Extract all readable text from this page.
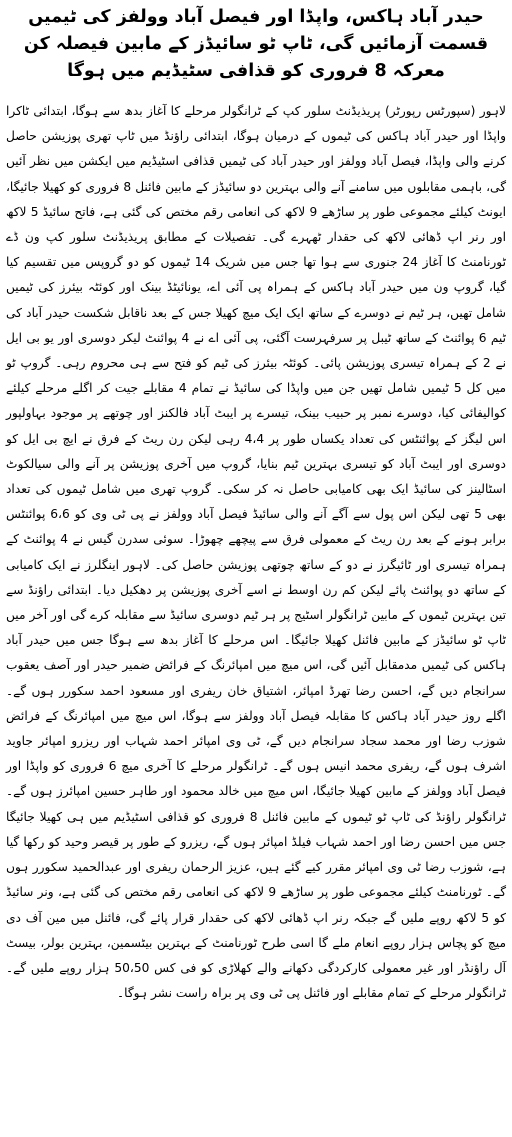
حیدر آباد ہاکس، واپڈا اور فیصل آباد وولفز کی ٹیمیں قسمت آزمائیں گی، ٹاپ ٹو سائیڈز کے مابین فیصلہ کن معرکہ 8 فروری کو قذافی سٹیڈیم میں ہوگا

لاہور (سپورٹس رپورٹر) پریذیڈنٹ سلور کپ کے ٹرانگولر مرحلے کا آغاز بدھ سے ہوگا، ابتدائی ٹاکرا واپڈا اور حیدر آباد ہاکس کی ٹیموں کے درمیان ہوگا، ابتدائی راؤنڈ میں ٹاپ تھری پوزیشن حاصل کرنے والی واپڈا، فیصل آباد وولفز اور حیدر آباد کی ٹیمیں قذافی اسٹیڈیم میں ایکشن میں نظر آئیں گی، باہمی مقابلوں میں سامنے آنے والی بہترین دو سائیڈز کے مابین فائنل 8 فروری کو کھیلا جائیگا، ایونٹ کیلئے مجموعی طور پر ساڑھے 9 لاکھ کی انعامی رقم مختص کی گئی ہے، فاتح سائیڈ 5 لاکھ اور رنر اپ ڈھائی لاکھ کی حقدار ٹھہرے گی۔ تفصیلات کے مطابق پریذیڈنٹ سلور کپ ون ڈے ٹورنامنٹ کا آغاز 24 جنوری سے ہوا تھا جس میں شریک 14 ٹیموں کو دو گروپس میں تقسیم کیا گیا، گروپ ون میں حیدر آباد ہاکس کے ہمراہ پی آئی اے، یونائیٹڈ بینک اور کوئٹہ بیئرز کی ٹیمیں شامل تھیں، ہر ٹیم نے دوسرے کے ساتھ ایک ایک میچ کھیلا جس کے بعد ناقابل شکست حیدر آباد کی ٹیم 6 پوائنٹ کے ساتھ ٹیبل پر سرفہرست آگئی، پی آئی اے نے 4 پوائنٹ لیکر دوسری اور یو بی ایل نے 2 کے ہمراہ تیسری پوزیشن پائی۔ کوئٹہ بیئرز کی ٹیم کو فتح سے ہی محروم رہی۔ گروپ ٹو میں کل 5 ٹیمیں شامل تھیں جن میں واپڈا کی سائیڈ نے تمام 4 مقابلے جیت کر اگلے مرحلے کیلئے کوالیفائی کیا، دوسرے نمبر پر حبیب بینک، تیسرے پر ایبٹ آباد فالکنز اور چوتھے پر موجود بہاولپور اس لیگز کے پوائنٹس کی تعداد یکساں طور پر 4،4 رہی لیکن رن ریٹ کے فرق نے ایچ بی ایل کو دوسری اور ایبٹ آباد کو تیسری بہترین ٹیم بنایا، گروپ میں آخری پوزیشن پر آنے والی سیالکوٹ اسٹالینز کی سائیڈ ایک بھی کامیابی حاصل نہ کر سکی۔ گروپ تھری میں شامل ٹیموں کی تعداد بھی 5 تھی لیکن اس پول سے آگے آنے والی سائیڈ فیصل آباد وولفز نے پی ٹی وی کو 6،6 پوائنٹس برابر ہونے کے بعد رن ریٹ کے معمولی فرق سے پیچھے چھوڑا۔ سوئی سدرن گیس نے 4 پوائنٹ کے ہمراہ تیسری اور ٹائیگرز نے دو کے ساتھ چوتھی پوزیشن حاصل کی۔ لاہور اینگلرز نے ایک کامیابی کے ساتھ دو پوائنٹ پائے لیکن کم رن اوسط نے اسے آخری پوزیشن پر دھکیل دیا۔ ابتدائی راؤنڈ سے تین بہترین ٹیموں کے مابین ٹرانگولر اسٹیج پر ہر ٹیم دوسری سائیڈ سے مقابلہ کرے گی اور آخر میں ٹاپ ٹو سائیڈز کے مابین فائنل کھیلا جائیگا۔ اس مرحلے کا آغاز بدھ سے ہوگا جس میں حیدر آباد ہاکس کی ٹیمیں مدمقابل آئیں گی، اس میچ میں امپائرنگ کے فرائض ضمیر حیدر اور آصف یعقوب سرانجام دیں گے، احسن رضا تھرڈ امپائر، اشتیاق خان ریفری اور مسعود احمد سکورر ہوں گے۔ اگلے روز حیدر آباد ہاکس کا مقابلہ فیصل آباد وولفز سے ہوگا، اس میچ میں امپائرنگ کے فرائض شوزب رضا اور محمد سجاد سرانجام دیں گے، ٹی وی امپائر احمد شہاب اور ریزرو امپائر جاوید اشرف ہوں گے، ریفری محمد انیس ہوں گے۔ ٹرانگولر مرحلے کا آخری میچ 6 فروری کو واپڈا اور فیصل آباد وولفز کے مابین کھیلا جائیگا، اس میچ میں خالد محمود اور طاہر حسین امپائرز ہوں گے۔ ٹرانگولر راؤنڈ کی ٹاپ ٹو ٹیموں کے مابین فائنل 8 فروری کو قذافی اسٹیڈیم میں ہی کھیلا جائیگا جس میں احسن رضا اور احمد شہاب فیلڈ امپائر ہوں گے، ریزرو کے طور پر قیصر وحید کو رکھا گیا ہے، شوزب رضا ٹی وی امپائر مقرر کیے گئے ہیں، عزیز الرحمان ریفری اور عبدالحمید سکورر ہوں گے۔ ٹورنامنٹ کیلئے مجموعی طور پر ساڑھے 9 لاکھ کی انعامی رقم مختص کی گئی ہے، ونر سائیڈ کو 5 لاکھ روپے ملیں گے جبکہ رنر اپ ڈھائی لاکھ کی حقدار قرار پائے گی، فائنل میں مین آف دی میچ کو پچاس ہزار روپے انعام ملے گا اسی طرح ٹورنامنٹ کے بہترین بیٹسمین، بہترین بولر، بیسٹ آل راؤنڈر اور غیر معمولی کارکردگی دکھانے والے کھلاڑی کو فی کس 50،50 ہزار روپے ملیں گے۔ ٹرانگولر مرحلے کے تمام مقابلے اور فائنل پی ٹی وی پر براہ راست نشر ہوگا۔
